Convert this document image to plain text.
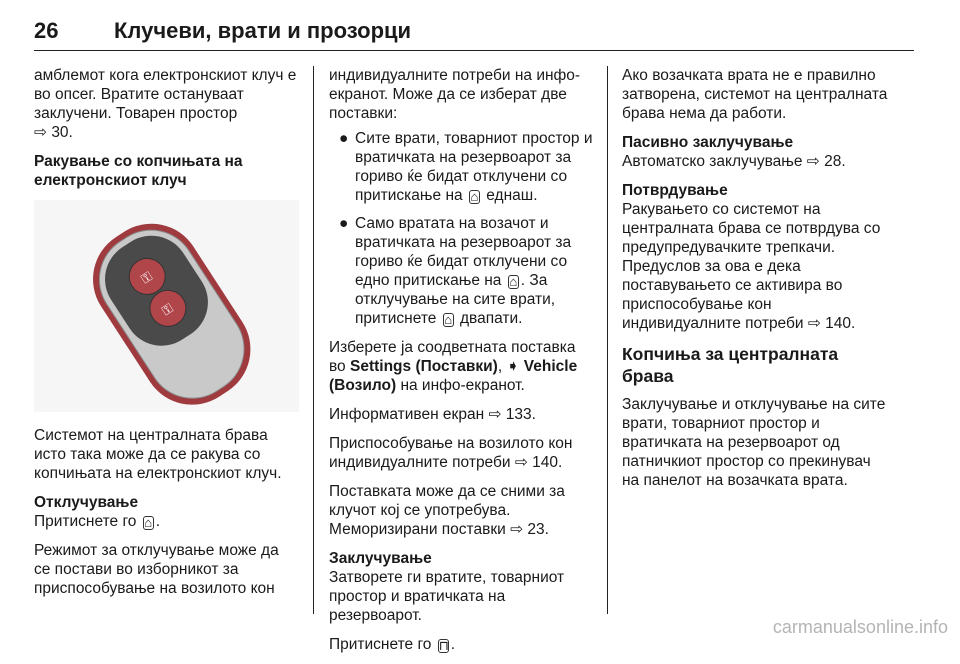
26	Клучеви, врати и прозорци

амблемот кога електронскиот клуч е во опсег. Вратите остануваат заклучени. Товарен простор
⇨ 30.

Ракување со копчињата на електронскиот клуч

⚿
⚿

Системот на централната брава исто така може да се ракува со копчињата на електронскиот клуч.

Отклучување

Притиснете го ⌂ .

Режимот за отклучување може да се постави во изборникот за приспособување на возилото кон

индивидуалните потреби на инфо-екранот. Може да се изберат две поставки:

● Сите врати, товарниот простор и вратичката на резервоарот за гориво ќе бидат отклучени со притискање на ⌂ еднаш.
● Само вратата на возачот и вратичката на резервоарот за гориво ќе бидат отклучени со едно притискање на ⌂ . За отклучување на сите врати, притиснете ⌂ двапати.

Изберете ја соодветната поставка во Settings (Поставки), ➧ Vehicle (Возило) на инфо-екранот.

Информативен екран ⇨ 133.

Приспособување на возилото кон индивидуалните потреби ⇨ 140.

Поставката може да се сними за клучот кој се употребува. Меморизирани поставки ⇨ 23.

Заклучување

Затворете ги вратите, товарниот простор и вратичката на резервоарот.

Притиснете го ⊓ .

Ако возачката врата не е правилно затворена, системот на централната брава нема да работи.

Пасивно заклучување

Автоматско заклучување ⇨ 28.

Потврдување

Ракувањето со системот на централната брава се потврдува со предупредувачките трепкачи. Предуслов за ова е дека поставувањето се активира во приспособување кон индивидуалните потреби ⇨ 140.

Копчиња за централната брава

Заклучување и отклучување на сите врати, товарниот простор и вратичката на резервоарот од патничкиот простор со прекинувач на панелот на возачката врата.

carmanualsonline.info
